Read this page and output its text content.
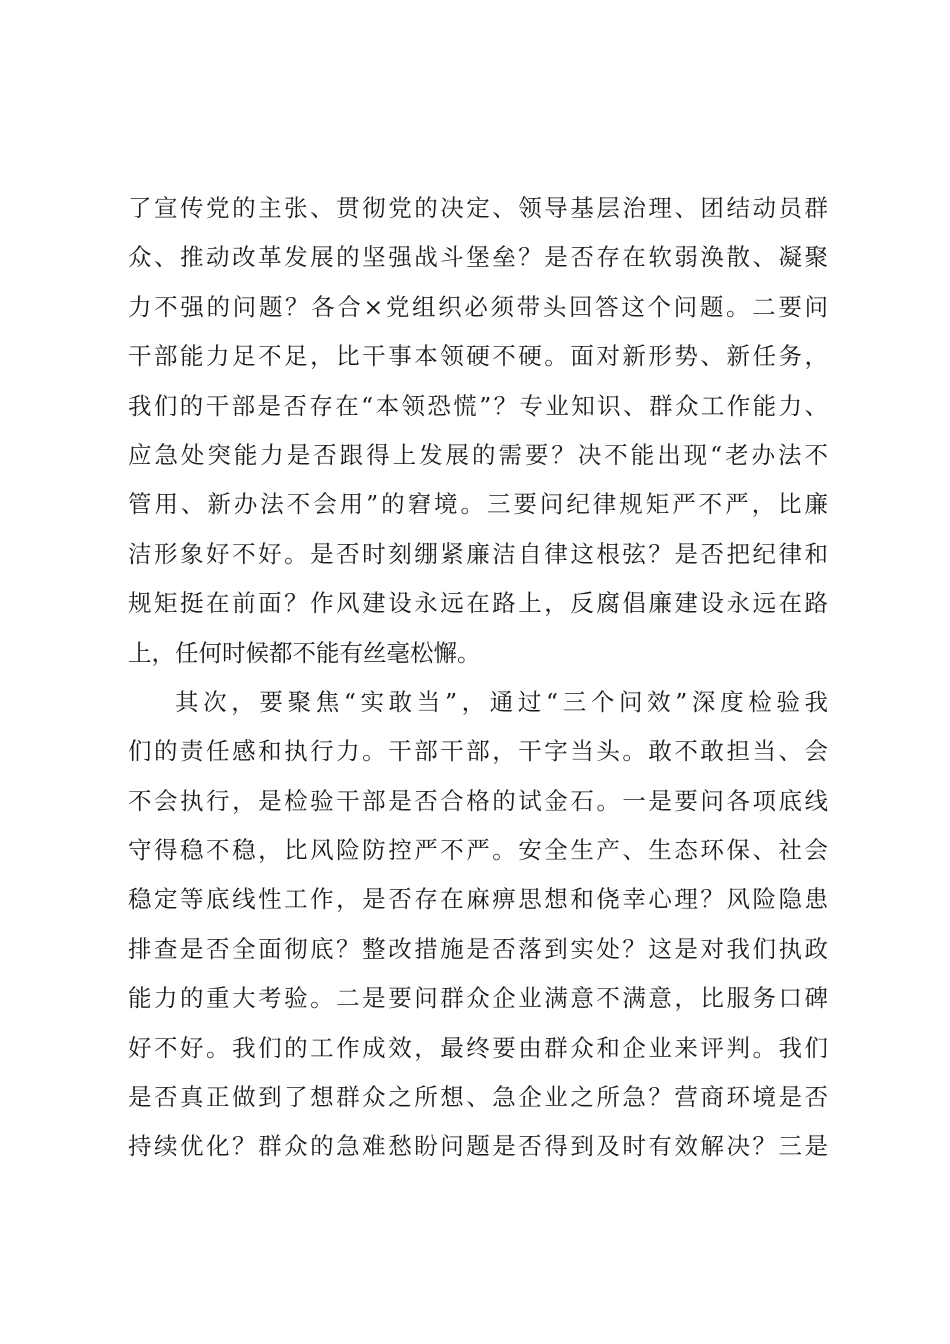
了宣传党的主张、贯彻党的决定、领导基层治理、团结动员群
众、推动改革发展的坚强战斗堡垒？是否存在软弱涣散、凝聚
力不强的问题？各合×党组织必须带头回答这个问题。二要问
干部能力足不足，比干事本领硬不硬。面对新形势、新任务，
我们的干部是否存在“本领恐慌”？专业知识、群众工作能力、
应急处突能力是否跟得上发展的需要？决不能出现“老办法不
管用、新办法不会用”的窘境。三要问纪律规矩严不严，比廉
洁形象好不好。是否时刻绷紧廉洁自律这根弦？是否把纪律和
规矩挺在前面？作风建设永远在路上，反腐倡廉建设永远在路
上，任何时候都不能有丝毫松懈。
其次，要聚焦“实敢当”，通过“三个问效”深度检验我
们的责任感和执行力。干部干部，干字当头。敢不敢担当、会
不会执行，是检验干部是否合格的试金石。一是要问各项底线
守得稳不稳，比风险防控严不严。安全生产、生态环保、社会
稳定等底线性工作，是否存在麻痹思想和侥幸心理？风险隐患
排查是否全面彻底？整改措施是否落到实处？这是对我们执政
能力的重大考验。二是要问群众企业满意不满意，比服务口碑
好不好。我们的工作成效，最终要由群众和企业来评判。我们
是否真正做到了想群众之所想、急企业之所急？营商环境是否
持续优化？群众的急难愁盼问题是否得到及时有效解决？三是
